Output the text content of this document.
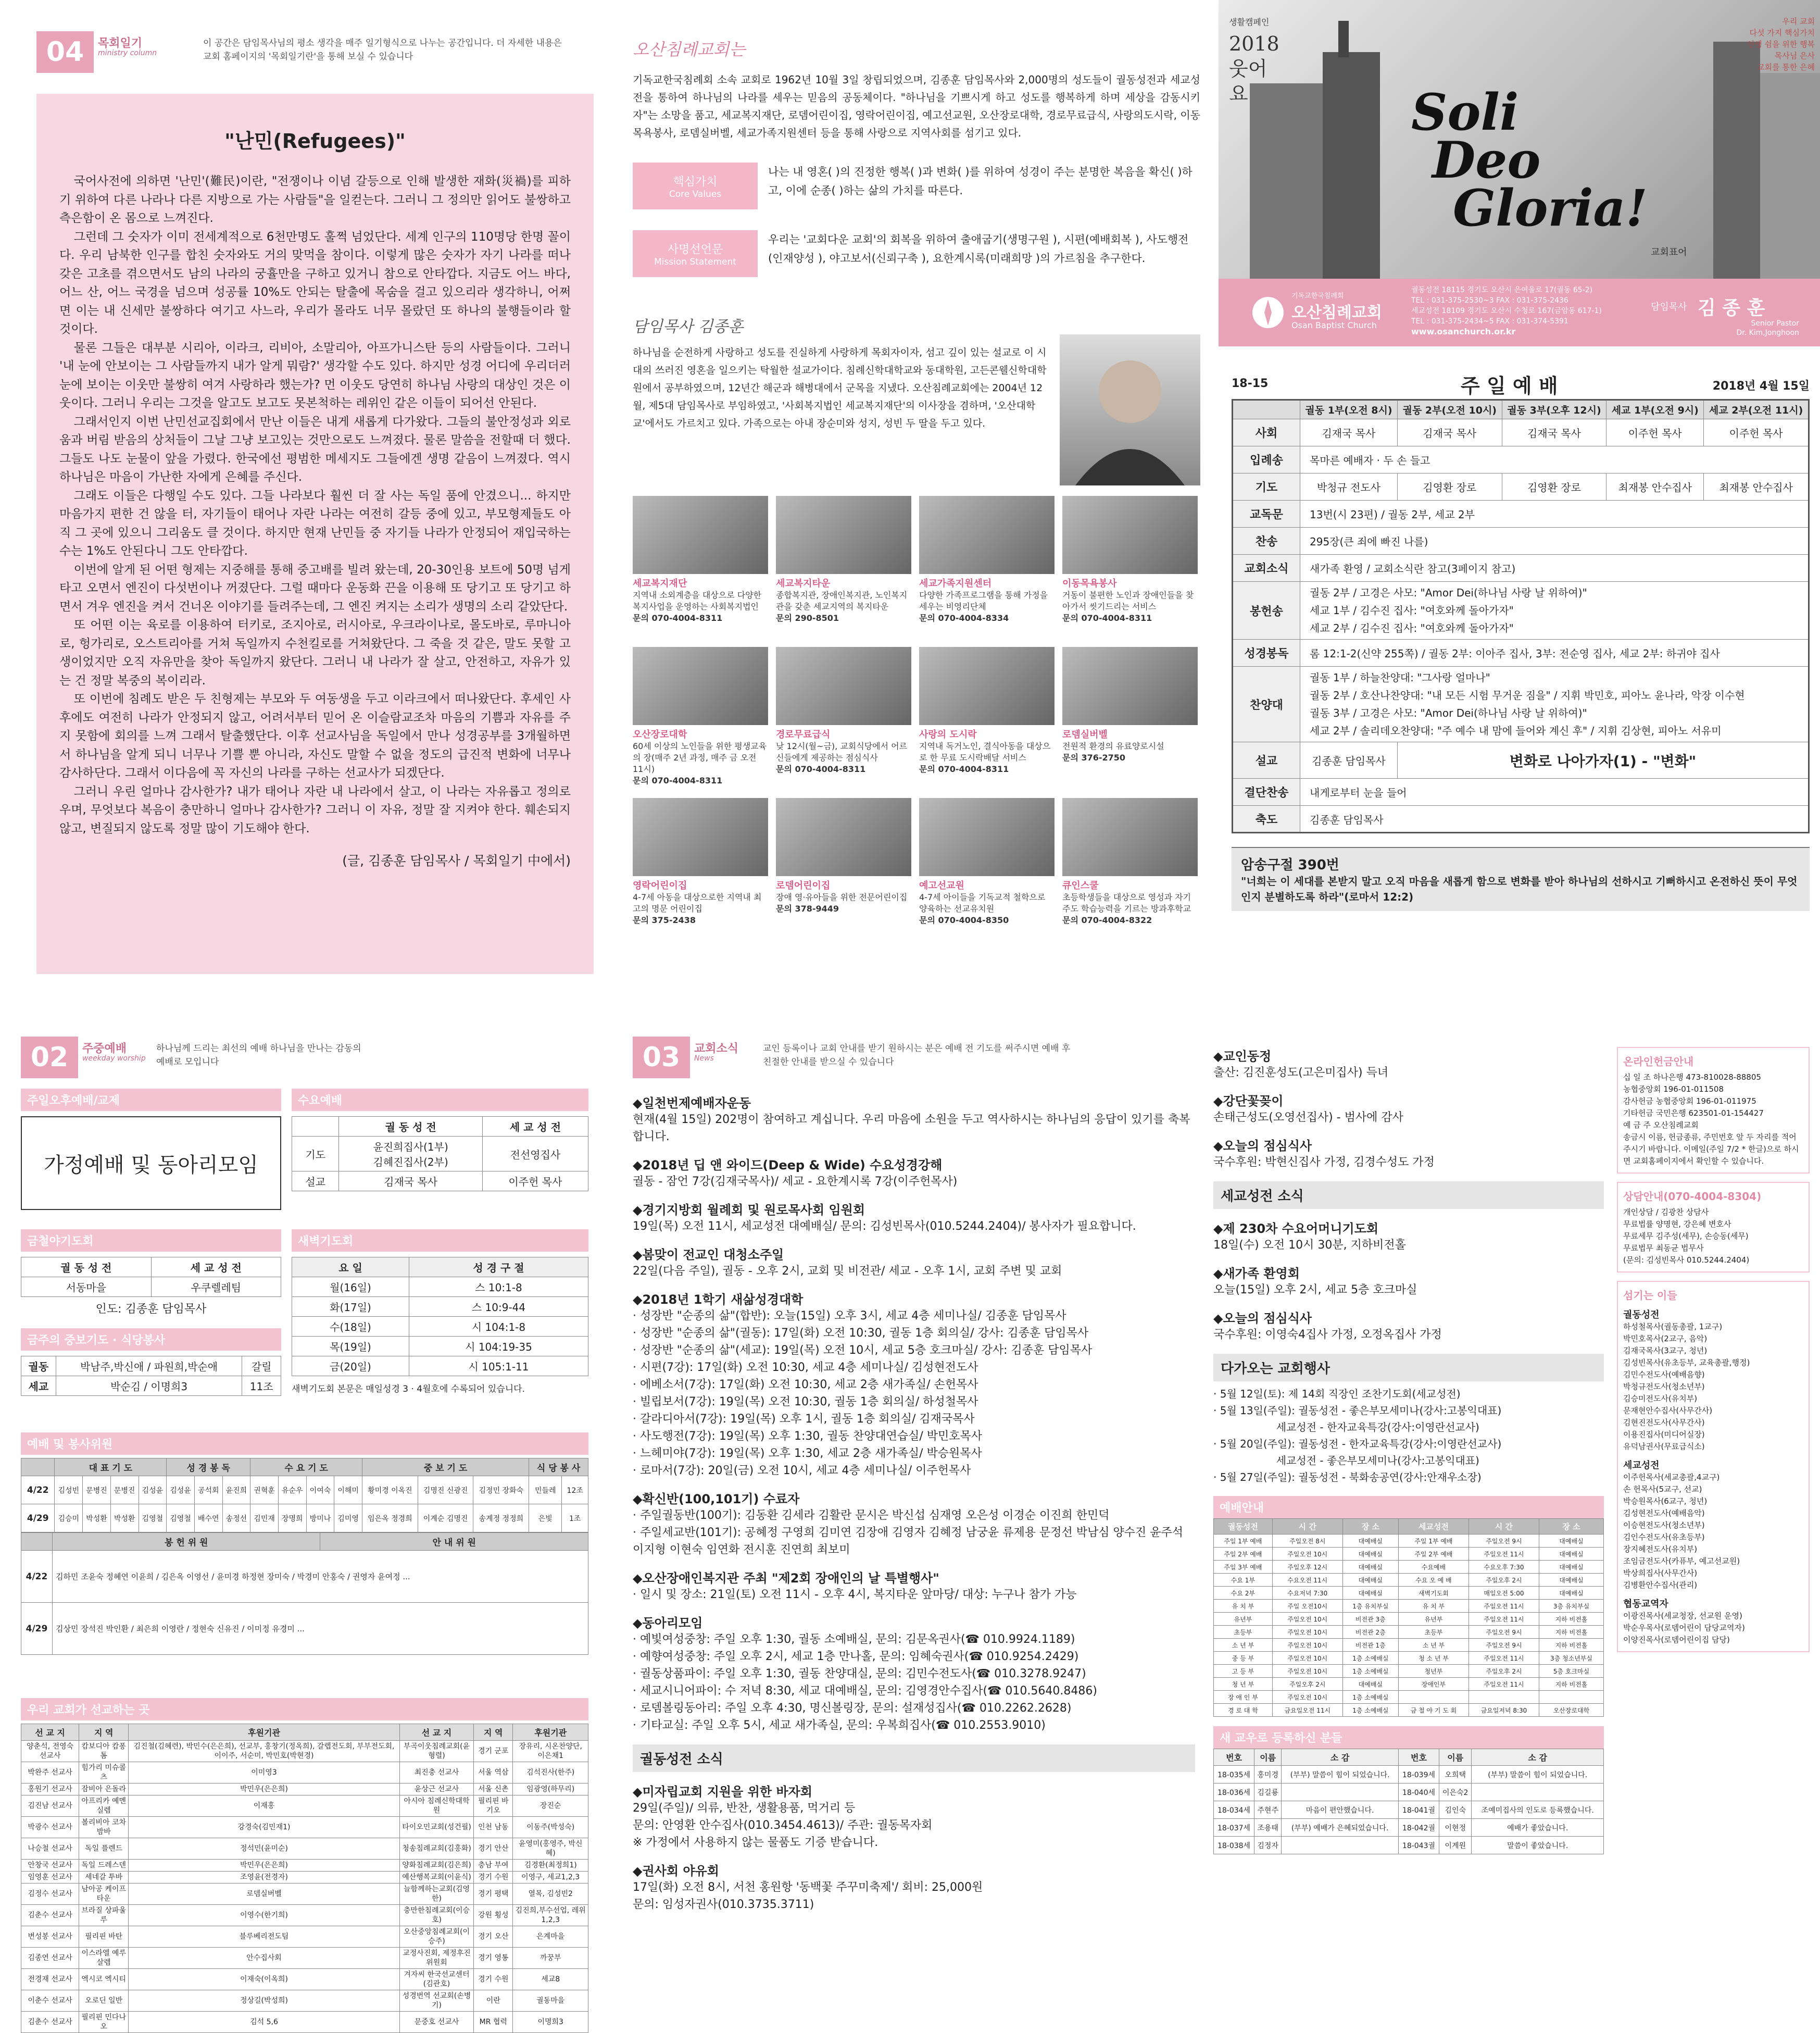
04	목회일기
ministry column
이 공간은 담임목사님의 평소 생각을 매주 일기형식으로 나누는 공간입니다. 더 자세한 내용은 교회 홈페이지의 '목회일기란'을 통해 보실 수 있습니다
"난민(Refugees)"

국어사전에 의하면 '난민'(難民)이란, "전쟁이나 이념 갈등으로 인해 발생한 재화(災禍)를 피하기 위하여 다른 나라나 다른 지방으로 가는 사람들"을 일컫는다. 그러니 그 정의만 읽어도 불쌍하고 측은함이 온 몸으로 느껴진다.

그런데 그 숫자가 이미 전세계적으로 6천만명도 훌쩍 넘었단다. 세계 인구의 110명당 한명 꼴이다. 우리 남북한 인구를 합친 숫자와도 거의 맞먹을 참이다. 이렇게 많은 숫자가 자기 나라를 떠나 갖은 고초를 겪으면서도 남의 나라의 궁휼만을 구하고 있거니 참으로 안타깝다. 지금도 어느 바다, 어느 산, 어느 국경을 넘으며 성공률 10%도 안되는 탈출에 목숨을 걸고 있으리라 생각하니, 어쩌면 이는 내 신세만 불쌍하다 여기고 사느라, 우리가 몰라도 너무 몰랐던 또 하나의 불행들이라 할 것이다.

물론 그들은 대부분 시리아, 이라크, 리비아, 소말리아, 아프가니스탄 등의 사람들이다. 그러니 '내 눈에 안보이는 그 사람들까지 내가 알게 뭐람?' 생각할 수도 있다. 하지만 성경 어디에 우리더러 눈에 보이는 이웃만 불쌍히 여겨 사랑하라 했는가? 먼 이웃도 당연히 하나님 사랑의 대상인 것은 이웃이다. 그러니 우리는 그것을 알고도 보고도 못본척하는 레위인 같은 이들이 되어선 안된다.

그래서인지 이번 난민선교집회에서 만난 이들은 내게 새롭게 다가왔다. 그들의 불안정성과 외로움과 버림 받음의 상처들이 그날 그냥 보고있는 것만으로도 느껴졌다. 물론 말씀을 전할때 더 했다. 그들도 나도 눈물이 앞을 가렸다. 한국에선 평범한 메세지도 그들에겐 생명 같음이 느껴졌다. 역시 하나님은 마음이 가난한 자에게 은혜를 주신다.

그래도 이들은 다행일 수도 있다. 그들 나라보다 훨씬 더 잘 사는 독일 품에 안겼으니... 하지만 마음가지 편한 건 않을 터, 자기들이 태어나 자란 나라는 여전히 갈등 중에 있고, 부모형제들도 아직 그 곳에 있으니 그리움도 클 것이다. 하지만 현재 난민들 중 자기들 나라가 안정되어 재입국하는 수는 1%도 안된다니 그도 안타깝다.

이번에 알게 된 어떤 형제는 지중해를 통해 중고배를 빌려 왔는데, 20-30인용 보트에 50명 넘게 타고 오면서 엔진이 다섯번이나 꺼졌단다. 그럴 때마다 운동화 끈을 이용해 또 당기고 또 당기고 하면서 겨우 엔진을 켜서 건너온 이야기를 들려주는데, 그 엔진 켜지는 소리가 생명의 소리 같았단다.

또 어떤 이는 육로를 이용하여 터키로, 조지아로, 러시아로, 우크라이나로, 몰도바로, 루마니아로, 헝가리로, 오스트리아를 거쳐 독일까지 수천킬로를 거쳐왔단다. 그 죽을 것 같은, 말도 못할 고생이었지만 오직 자유만을 찾아 독일까지 왔단다. 그러니 내 나라가 잘 살고, 안전하고, 자유가 있는 건 정말 복중의 복이리라.

또 이번에 침례도 받은 두 친형제는 부모와 두 여동생을 두고 이라크에서 떠나왔단다. 후세인 사후에도 여전히 나라가 안정되지 않고, 어려서부터 믿어 온 이슬람교조차 마음의 기쁨과 자유를 주지 못함에 회의를 느껴 그래서 탈출했단다. 이후 선교사님을 독일에서 만나 성경공부를 3개월하면서 하나님을 알게 되니 너무나 기쁠 뿐 아니라, 자신도 말할 수 없을 정도의 급진적 변화에 너무나 감사하단다. 그래서 이다음에 꼭 자신의 나라를 구하는 선교사가 되겠단다.

그러니 우린 얼마나 감사한가? 내가 태어나 자란 내 나라에서 살고, 이 나라는 자유롭고 정의로우며, 무엇보다 복음이 충만하니 얼마나 감사한가? 그러니 이 자유, 정말 잘 지켜야 한다. 훼손되지 않고, 변질되지 않도록 정말 많이 기도해야 한다.

(글, 김종훈 담임목사 / 목회일기 中에서)
오산침례교회는

기독교한국침례회 소속 교회로 1962년 10월 3일 창립되었으며, 김종훈 담임목사와 2,000명의 성도들이 궐동성전과 세교성전을 통하여 하나님의 나라를 세우는 믿음의 공동체이다. "하나님을 기쁘시게 하고 성도를 행복하게 하며 세상을 감동시키자"는 소망을 품고, 세교복지재단, 로뎀어린이집, 영락어린이집, 예고선교원, 오산장로대학, 경로무료급식, 사랑의도시락, 이동목욕봉사, 로뎀실버벨, 세교가족지원센터 등을 통해 사랑으로 지역사회를 섬기고 있다.

핵심가치
Core Values

나는 내 영혼( )의 진정한 행복( )과 변화( )를 위하여 성경이 주는 분명한 복음을 확신( )하고, 이에 순종( )하는 삶의 가치를 따른다.

사명선언문
Mission Statement

우리는 '교회다운 교회'의 회복을 위하여 출애굽기(생명구원 ), 시편(예배회복 ), 사도행전(인재양성 ), 야고보서(신뢰구축 ), 요한계시록(미래희망 )의 가르침을 추구한다.

담임목사 김종훈

하나님을 순전하게 사랑하고 성도를 진실하게 사랑하게 목회자이자, 섬고 깊이 있는 설교로 이 시대의 쓰러진 영혼을 일으키는 탁월한 설교가이다. 침례신학대학교와 동대학원, 고든콘웰신학대학원에서 공부하였으며, 12년간 해군과 해병대에서 군목을 지냈다. 오산침례교회에는 2004년 12월, 제5대 담임목사로 부임하였고, '사회복지법인 세교복지재단'의 이사장을 겸하며, '오산대학교'에서도 가르치고 있다. 가족으로는 아내 장순미와 성지, 성빈 두 딸을 두고 있다.

세교복지재단
지역내 소외계층을 대상으로 다양한 복지사업을 운영하는 사회복지법인
문의 070-4004-8311
세교복지타운
종합복지관, 장애인복지관, 노인복지관을 갖춘 세교지역의 복지타운
문의 290-8501
세교가족지원센터
다양한 가족프로그램을 통해 가정을 세우는 비영리단체
문의 070-4004-8334
이동목욕봉사
거동이 불편한 노인과 장애인들을 찾아가서 씻기드리는 서비스
문의 070-4004-8311
오산장로대학
60세 이상의 노인들을 위한 평생교육의 장(매주 2년 과정, 매주 금 오전 11시)
문의 070-4004-8311
경로무료급식
낮 12시(월~금), 교회식당에서 어르신들에게 제공하는 점심식사
문의 070-4004-8311
사랑의 도시락
지역내 독거노인, 결식아동을 대상으로 한 무료 도시락배달 서비스
문의 070-4004-8311
로뎀실버벨
전원적 환경의 유료양로시설
문의 376-2750
영락어린이집
4-7세 아동을 대상으로한 지역내 최고의 명문 어린이집
문의 375-2438
로뎀어린이집
장애 영·유아들을 위한 전문어린이집
문의 378-9449
예고선교원
4-7세 아이들을 기독교적 철학으로 양육하는 선교유치원
문의 070-4004-8350
큐인스쿨
초등학생들을 대상으로 영성과 자기주도 학습능력을 기르는 방과후학교
문의 070-4004-8322
생활캠페인
2018 웃어요
우리 교회
다섯 가지 핵심가치
인생 쉼을 위한 행복
목사님 은사
교회를 통한 은혜
Soli
Deo
Gloria!
교회표어
기독교한국침례회
오산침례교회
Osan Baptist Church
궐동성전 18115 경기도 오산시 은여울로 17(궐동 65-2)
TEL : 031-375-2530~3 FAX : 031-375-2436
세교성전 18109 경기도 오산시 수청로 167(금암동 617-1)
TEL : 031-375-2434~5 FAX : 031-374-5391
www.osanchurch.or.kr
담임목사 김 종 훈
Senior Pastor
Dr. Kim,Jonghoon
18-15	주 일 예 배	2018년 4월 15일
	궐동 1부(오전 8시)	궐동 2부(오전 10시)	궐동 3부(오후 12시)	세교 1부(오전 9시)	세교 2부(오전 11시)
사회	김재국 목사	김재국 목사	김재국 목사	이주헌 목사	이주헌 목사
입례송	목마른 예배자 · 두 손 들고				
기도	박청규 전도사	김영환 장로	김영환 장로	최재봉 안수집사	최재봉 안수집사
교독문	13번(시 23편) / 궐동 2부, 세교 2부				
찬송	295장(큰 죄에 빠진 나를)				
교회소식	새가족 환영 / 교회소식란 참고(3페이지 참고)				
봉헌송	궐동 2부 / 고경은 사모: "Amor Dei(하나님 사랑 날 위하여)"
세교 1부 / 김수진 집사: "여호와께 돌아가자"
세교 2부 / 김수진 집사: "여호와께 돌아가자"				

성경봉독	롬 12:1-2(신약 255쪽) / 궐동 2부: 이아주 집사, 3부: 전순영 집사, 세교 2부: 하귀야 집사				
찬양대	궐동 1부 / 하늘찬양대: "그사랑 얼마나"
궐동 2부 / 호산나찬양대: "내 모든 시험 무거운 짐을" / 지휘 박민호, 피아노 윤나라, 악장 이수현
궐동 3부 / 고경은 사모: "Amor Dei(하나님 사랑 날 위하여)"
세교 2부 / 솔리데오찬양대: "주 예수 내 맘에 들어와 계신 후" / 지휘 김상현, 피아노 서유미				

설교	김종훈 담임목사	변화로 나아가자(1) - "변화"			
결단찬송	내게로부터 눈을 들어				
축도	김종훈 담임목사				
암송구절 390번
"너희는 이 세대를 본받지 말고 오직 마음을 새롭게 함으로 변화를 받아 하나님의 선하시고 기뻐하시고 온전하신 뜻이 무엇인지 분별하도록 하라"(로마서 12:2)
02	주중예배
weekday worship
하나님께 드리는 최선의 예배 하나님을 만나는 감동의 예배로 모입니다
주일오후예배/교제
가정예배 및 동아리모임
수요예배
	궐 동 성 전	세 교 성 전
기도	윤진희집사(1부)
김혜진집사(2부)	전선영집사
설교	김재국 목사	이주헌 목사
금철야기도회
궐 동 성 전	세 교 성 전
서동마을	우쿠렐레팀
인도: 김종훈 담임목사
새벽기도회
요 일	성 경 구 절
월(16일)	스 10:1-8
화(17일)	스 10:9-44
수(18일)	시 104:1-8
목(19일)	시 104:19-35
금(20일)	시 105:1-11
새벽기도회 본문은 매일성경 3 · 4월호에 수록되어 있습니다.
금주의 중보기도 · 식당봉사
궐동	박남주,박신애 / 파원희,박순애	갈릴
세교	박순김 / 이명희3	11조
예배 및 봉사위원
	대 표 기 도				성 경 봉 독			수 요 기 도				중 보 기 도			식 당 봉 사	
4/22	김성빈	문병진	문병진	김성윤	김성윤	공석회	윤진희	권혁훈	유순우	이여숙	이해미	황미경 이옥진	김명진 신광진	김정민 장화숙	민들레	12조
4/29	김승미	박성환	박성환	김영철	김영철	배수연	송정선	김민재	장명희	방미나	김미영	임은옥 정경희	이계순 김명진	송계정 정정희	은빛	1조
	봉 헌 위 원	안 내 위 원
4/22	김하민 조윤숙 정혜연 이윤희 / 김은옥 이영선 / 윤미경 하정현 장미숙 / 박경미 안홍숙 / 권영자 윤여정 ...	
4/29	김상민 장석진 박인환 / 최은희 이영란 / 정현숙 신유진 / 이미정 유경미 ...	
우리 교회가 선교하는 곳
선 교 지	지 역	후원기관	선 교 지	지 역	후원기관
양춘석, 전영숙 선교사	캄보디아 캄퐁톰	김진철(김혜련), 박민수(은은희), 선교부, 홍창기(정옥희), 갈렙전도회, 부부전도회, 이이주, 서순미, 박민호(박현경)	부곡이웃침례교회(윤형렬)	경기 군포	장유리, 시온찬양단, 이은채1
박완주 선교사	힘가리 미슈콜츠	이미영3	최진충 선교사	서울 역삼	김석진사(한주)
홍원기 선교사	잠비아 은돌라	박민우(은은희)	윤상근 선교사	서울 신촌	임광영(하무리)
김진남 선교사	아프리카 예멘실렘	이재홍	아시아 침례신학대학원	필리핀 바기오	장진순
박광수 선교사	볼리비아 코차밤바	강경숙(김민재1)	타이오민교회(성건필)	인천 남동	이동주(박성숙)
나승철 선교사	독일 플렌드	정석민(윤미순)	청송침례교회(김홍화)	경기 안산	윤영미(홍영주, 박신혜)
안창국 선교사	독일 드레스덴	박민우(은은희)	양화침례교회(김은희)	충남 부여	김경환(최정희1)
임영훈 선교사	세네갈 투바	조영윤(전경자)	예산행복교회(이윤식)	경기 수원	이영구, 세교1,2,3
김정수 선교사	남아공 케이프타운	로뎀실버벨	늘함께하는교회(김영한)	경기 평택	열목, 김성빈2
김춘수 선교사	브라질 상파울루	이영수(한기희)	충만한침례교회(이승호)	강원 횡성	김진희,부수선업, 레위1,2,3
변성봉 선교사	필리핀 바탄	블루베리전도팀	오산중앙침례교회(이승주)	경기 오산	은계마을
김종연 선교사	이스라엘 예루살렘	안수집사회	교정사진회, 제정후진위원회	경기 영통	까꿍부
전경재 선교사	엑시코 엑시티	이재숙(이옥희)	겨자씨 한국선교센터(김관호)	경기 수원	세교8
이춘수 선교사	오로딘 일반	정상길(박성희)	성경번역 선교회(손병기)	이란	궐동마을
김춘수 선교사	필리핀 민다나오	김석 5,6	문중호 선교사	MR 협력	이명희3
03	교회소식
News
교인 등록이나 교회 안내를 받기 원하시는 분은 예배 전 기도를 써주시면 예배 후 친절한 안내를 받으실 수 있습니다
◆일천번제예배자운동

현재(4월 15일) 202명이 참여하고 계십니다. 우리 마음에 소원을 두고 역사하시는 하나님의 응답이 있기를 축복합니다.

◆2018년 딥 앤 와이드(Deep & Wide) 수요성경강해

궐동 - 잠언 7강(김재국목사)/ 세교 - 요한계시록 7강(이주헌목사)

◆경기지방회 월례회 및 원로목사회 임원회

19일(목) 오전 11시, 세교성전 대예배실/ 문의: 김성빈목사(010.5244.2404)/ 봉사자가 필요합니다.

◆봄맞이 전교인 대청소주일

22일(다음 주일), 궐동 - 오후 2시, 교회 및 비전관/ 세교 - 오후 1시, 교회 주변 및 교회

◆2018년 1학기 새삶성경대학

· 성장반 "순종의 삶"(합반): 오늘(15일) 오후 3시, 세교 4층 세미나실/ 김종훈 담임목사

· 성장반 "순종의 삶"(궐동): 17일(화) 오전 10:30, 궐동 1층 회의실/ 강사: 김종훈 담임목사

· 성장반 "순종의 삶"(세교): 19일(목) 오전 10시, 세교 5층 호크마실/ 강사: 김종훈 담임목사

· 시편(7강): 17일(화) 오전 10:30, 세교 4층 세미나실/ 김성현전도사

· 에베소서(7강): 17일(화) 오전 10:30, 세교 2층 새가족실/ 손헌목사

· 빌립보서(7강): 19일(목) 오전 10:30, 궐동 1층 회의실/ 하성철목사

· 갈라디아서(7강): 19일(목) 오후 1시, 궐동 1층 회의실/ 김재국목사

· 사도행전(7강): 19일(목) 오후 1:30, 궐동 찬양대연습실/ 박민호목사

· 느헤미야(7강): 19일(목) 오후 1:30, 세교 2층 새가족실/ 박승원목사

· 로마서(7강): 20일(금) 오전 10시, 세교 4층 세미나실/ 이주헌목사

◆확신반(100,101기) 수료자

· 주일궐동반(100기): 김동환 김세라 김활란 문시은 박신섭 심재영 오은성 이경순 이진희 한민덕

· 주일세교반(101기): 공혜정 구영희 김미연 김장애 김영자 김혜정 남궁윤 류제용 문정선 박남심 양수진 윤주석 이지형 이현숙 임연화 전시훈 진연희 최보미

◆오산장애인복지관 주최 "제2회 장애인의 날 특별행사"

· 일시 및 장소: 21일(토) 오전 11시 - 오후 4시, 복지타운 앞마당/ 대상: 누구나 참가 가능

◆동아리모임

· 예빛여성중창: 주일 오후 1:30, 궐동 소예배실, 문의: 김문옥권사(☎ 010.9924.1189)

· 예향여성중창: 주일 오후 2시, 세교 1층 만나홀, 문의: 임혜숙권사(☎ 010.9254.2429)

· 궐동상품파이: 주일 오후 1:30, 궐동 찬양대실, 문의: 김민수전도사(☎ 010.3278.9247)

· 세교시니어파이: 수 저녁 8:30, 세교 대예배실, 문의: 김영경안수집사(☎ 010.5640.8486)

· 로뎀볼링동아리: 주일 오후 4:30, 명신볼링장, 문의: 설재성집사(☎ 010.2262.2628)

· 기타교실: 주일 오후 5시, 세교 새가족실, 문의: 우복희집사(☎ 010.2553.9010)

궐동성전 소식
◆미자립교회 지원을 위한 바자회

29일(주일)/ 의류, 반찬, 생활용품, 먹거리 등

문의: 안영환 안수집사(010.3454.4613)/ 주관: 궐동목자회

※ 가정에서 사용하지 않는 물품도 기증 받습니다.

◆권사회 야유회

17일(화) 오전 8시, 서천 홍원항 '동백꽃 주꾸미축제'/ 회비: 25,000원

문의: 임성자권사(010.3735.3711)

◆교인동정

출산: 김진훈성도(고은미집사) 득녀

◆강단꽃꽂이

손태근성도(오영선집사) - 범사에 감사

◆오늘의 점심식사

국수후원: 박현신집사 가정, 김경수성도 가정

세교성전 소식
◆제 230차 수요어머니기도회

18일(수) 오전 10시 30분, 지하비전홀

◆새가족 환영회

오늘(15일) 오후 2시, 세교 5층 호크마실

◆오늘의 점심식사

국수후원: 이영숙4집사 가정, 오정옥집사 가정

다가오는 교회행사

· 5월 12일(토): 제 14회 직장인 조찬기도회(세교성전)

· 5월 13일(주일): 궐동성전 - 좋은부모세미나(강사:고봉익대표)

세교성전 - 한자교육특강(강사:이영란선교사)

· 5월 20일(주일): 궐동성전 - 한자교육특강(강사:이영란선교사)

세교성전 - 좋은부모세미나(강사:고봉익대표)

· 5월 27일(주일): 궐동성전 - 북화송공연(강사:안재우소장)

예배안내
궐동성전	시 간	장 소	세교성전	시 간	장 소
주일 1부 예배	주일오전 8시	대예배실	주일 1부 예배	주일오전 9시	대예배실
주일 2부 예배	주일오전 10시	대예배실	주일 2부 예배	주일오전 11시	대예배실
주일 3부 예배	주일오후 12시	대예배실	수요예배	수요오후 7:30	대예배실
수요 1부	수요오전 11시	대예배실	수요 오 예 배	주일오후 2시	대예배실
수요 2부	수요저녁 7:30	대예배실	새벽기도회	매일오전 5:00	대예배실
유 치 부	주일 오전10시	1층 유치부실	유 치 부	주일오전 11시	3층 유치부실
유년부	주일오전 10시	비전관 3층	유년부	주일오전 11시	지하 비전홀
초등부	주일오전 10시	비전관 2층	초등부	주일오전 9시	지하 비전홀
소 년 부	주일오전 10시	비전관 1층	소 년 부	주일오전 9시	지하 비전홀
중 등 부	주일오전 10시	1층 소예배실	청 소 년 부	주일오전 11시	3층 청소년부실
고 등 부	주일오전 10시	1층 소예배실	청년부	주일오후 2시	5층 호크마실
청 년 부	주일오후 2시	대예배실	장애인부	주일오전 11시	지하 비전홀
장 애 인 부	주일오전 10시	1층 소예배실			
경 로 대 학	금요일오전 11시	1층 소예배실	금 철 야 기 도 회	금요일저녁 8:30	오산장로대학
새 교우로 등록하신 분들
번호	이름	소 감	번호	이름	소 감
18-035세	홍미경	(부부) 말씀이 힘이 되었습니다.	18-039세	오희택	(부부) 말씀이 힘이 되었습니다.
18-036세	김길룡		18-040세	이은숙2	
18-034세	주현주	마음이 편안했습니다.	18-041궐	김인숙	조예미집사의 인도로 등록했습니다.
18-037세	조용태	(부부) 예배가 은혜되었습니다.	18-042궐	이현정	예배가 좋았습니다.
18-038세	김정자		18-043궐	이계원	말씀이 좋았습니다.
온라인헌금안내
십 일 조 하나은행 473-810028-88805
농협중앙회 196-01-011508
감사헌금 농협중앙회 196-01-011975
기타헌금 국민은행 623501-01-154427
예 금 주 오산침례교회
송금시 이름, 헌금종류, 주민번호 앞 두 자리를 적어주시기 바랍니다. 이메일(주일 7/2 * 한글)으로 하시면 교회홈페이지에서 확인할 수 있습니다.
상담안내(070-4004-8304)
개인상담 / 김광찬 상담사
무료법률 양명현, 강은혜 변호사
무료세무 김주성(세무), 손승동(세무)
무료법무 최동균 법무사
(문의: 김성빈목사 010.5244.2404)
섬기는 이들
궐동성전
하성철목사(궐동총괄, 1교구)
박민호목사(2교구, 음악)
김재국목사(3교구, 청년)
김성빈목사(유초등부, 교육총괄,행정)
김민수전도사(예배음향)
박청규전도사(청소년부)
김승미전도사(유치부)
문재현안수집사(사무간사)
김현진전도사(사무간사)
이용진집사(미디어실장)
유덕남권사(무료급식소)
세교성전
이주헌목사(세교총괄,4교구)
손 헌목사(5교구, 선교)
박승원목사(6교구, 청년)
김성현전도사(예배음악)
이승현전도사(청소년부)
김인수전도사(유초등부)
장지혜전도사(유치부)
조임금전도사(카퓨부, 예고선교원)
박상희집사(사무간사)
김병환안수집사(관리)
협동교역자
이광진목사(세교청장, 선교원 운영)
박순우목사(로뎀어린이 담당교역자)
이양진목사(로뎀어린이집 담당)
